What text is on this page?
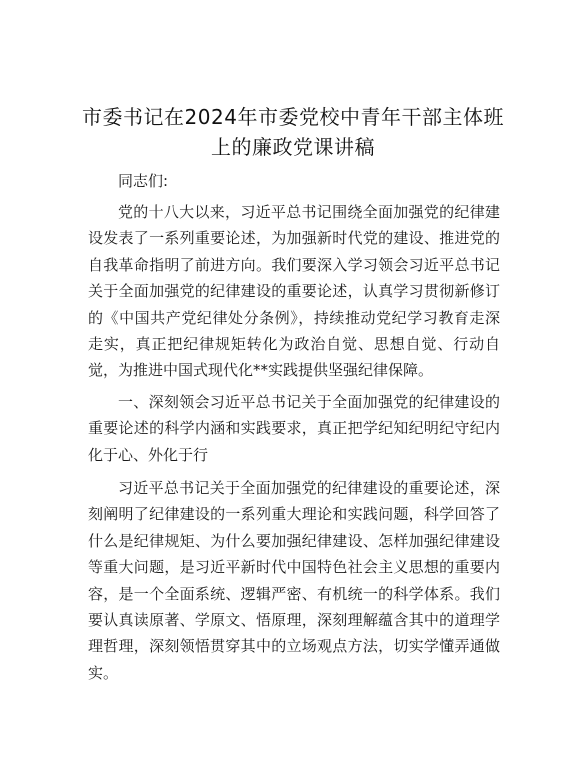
市委书记在2024年市委党校中青年干部主体班
上的廉政党课讲稿

同志们:

党的十八大以来，习近平总书记围绕全面加强党的纪律建设发表了一系列重要论述，为加强新时代党的建设、推进党的自我革命指明了前进方向。我们要深入学习领会习近平总书记关于全面加强党的纪律建设的重要论述，认真学习贯彻新修订的《中国共产党纪律处分条例》，持续推动党纪学习教育走深走实，真正把纪律规矩转化为政治自觉、思想自觉、行动自觉，为推进中国式现代化**实践提供坚强纪律保障。

一、深刻领会习近平总书记关于全面加强党的纪律建设的重要论述的科学内涵和实践要求，真正把学纪知纪明纪守纪内化于心、外化于行

习近平总书记关于全面加强党的纪律建设的重要论述，深刻阐明了纪律建设的一系列重大理论和实践问题，科学回答了什么是纪律规矩、为什么要加强纪律建设、怎样加强纪律建设等重大问题，是习近平新时代中国特色社会主义思想的重要内容，是一个全面系统、逻辑严密、有机统一的科学体系。我们要认真读原著、学原文、悟原理，深刻理解蕴含其中的道理学理哲理，深刻领悟贯穿其中的立场观点方法，切实学懂弄通做实。
